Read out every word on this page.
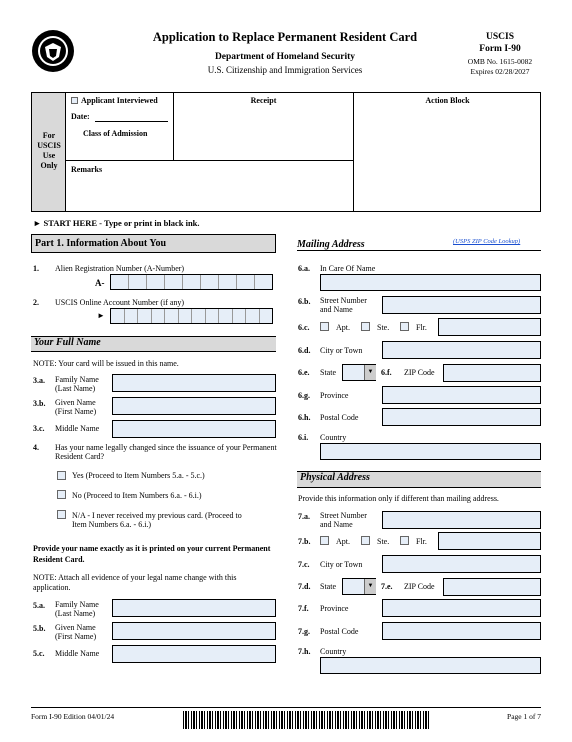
Application to Replace Permanent Resident Card
Department of Homeland Security
U.S. Citizenship and Immigration Services
USCIS
Form I-90
OMB No. 1615-0082
Expires 02/28/2027
For USCIS Use Only
Applicant Interviewed
Date:
Class of Admission
Receipt	Action Block
Remarks
► START HERE - Type or print in black ink.
Part 1. Information About You
1. Alien Registration Number (A-Number)
A-
2. USCIS Online Account Number (if any)
►
Your Full Name
NOTE: Your card will be issued in this name.
3.a. Family Name (Last Name)
3.b. Given Name (First Name)
3.c. Middle Name
4. Has your name legally changed since the issuance of your Permanent Resident Card?
Yes (Proceed to Item Numbers 5.a. - 5.c.)
No (Proceed to Item Numbers 6.a. - 6.i.)
N/A - I never received my previous card. (Proceed to Item Numbers 6.a. - 6.i.)
Provide your name exactly as it is printed on your current Permanent Resident Card.
NOTE: Attach all evidence of your legal name change with this application.
5.a. Family Name (Last Name)
5.b. Given Name (First Name)
5.c. Middle Name
Mailing Address	(USPS ZIP Code Lookup)
6.a. In Care Of Name
6.b. Street Number and Name
6.c.	Apt.	Ste.	Flr.
6.d. City or Town
6.e. State	▼ 6.f. ZIP Code
6.g. Province
6.h. Postal Code
6.i. Country
Physical Address
Provide this information only if different than mailing address.
7.a. Street Number and Name
7.b.	Apt.	Ste.	Flr.
7.c. City or Town
7.d. State	▼ 7.e. ZIP Code
7.f. Province
7.g. Postal Code
7.h. Country
Form I-90 Edition 04/01/24	Page 1 of 7
